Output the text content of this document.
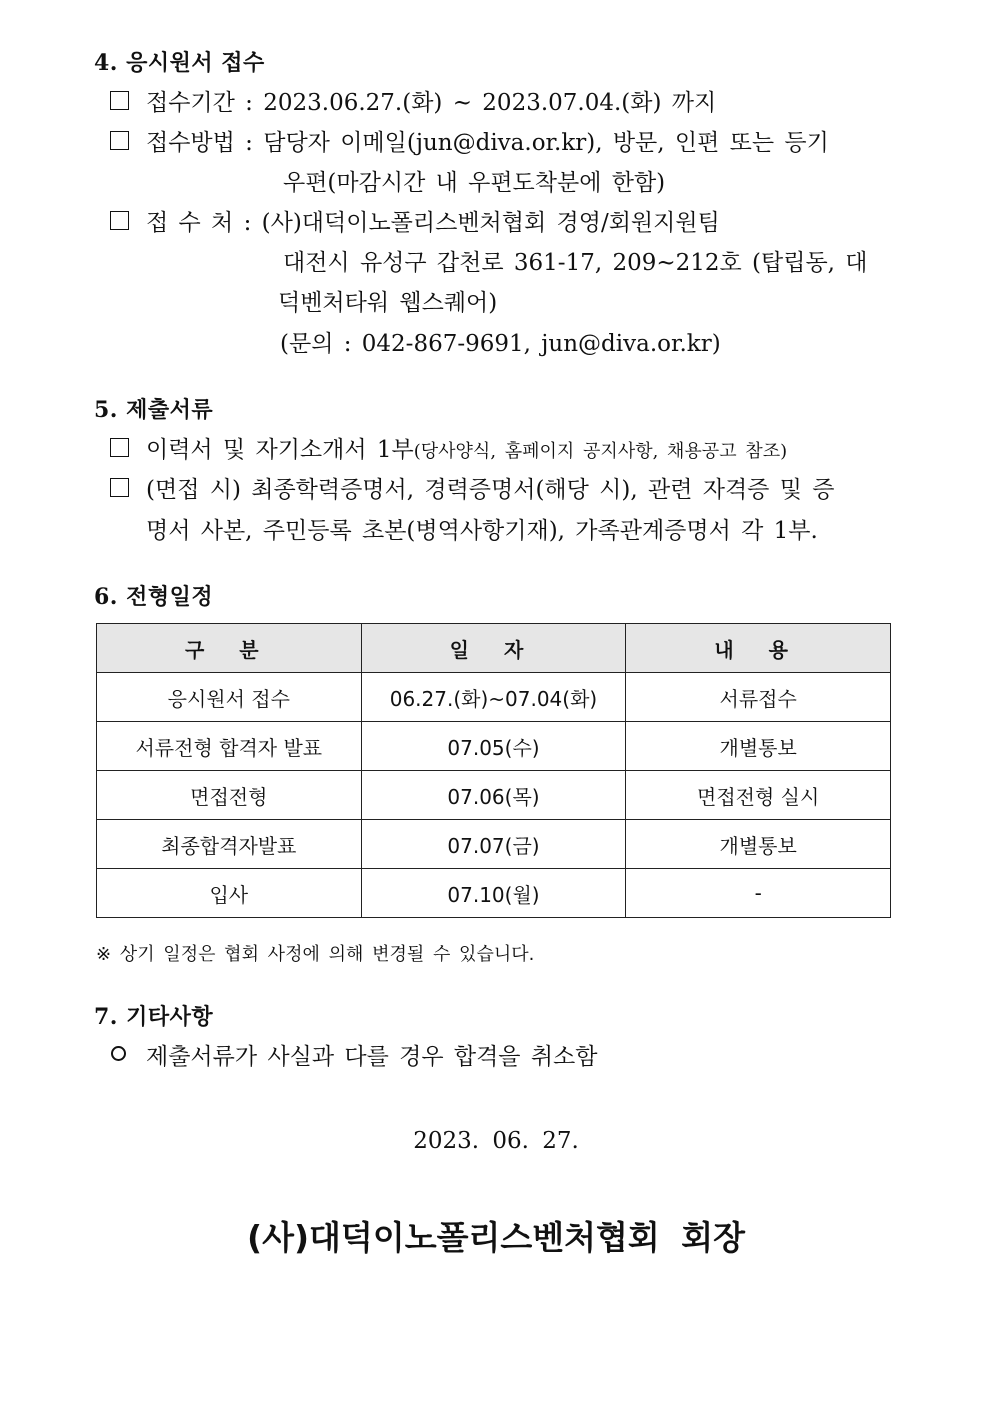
4. 응시원서 접수
접수기간 : 2023.06.27.(화) ~ 2023.07.04.(화) 까지
접수방법 : 담당자 이메일(jun@diva.or.kr), 방문, 인편 또는 등기
우편(마감시간 내 우편도착분에 한함)
접 수 처 : (사)대덕이노폴리스벤처협회 경영/회원지원팀
대전시 유성구 갑천로 361-17, 209~212호 (탑립동, 대
덕벤처타워 웹스퀘어)
(문의 : 042-867-9691, jun@diva.or.kr)
5. 제출서류
이력서 및 자기소개서 1부(당사양식, 홈페이지 공지사항, 채용공고 참조)
(면접 시) 최종학력증명서, 경력증명서(해당 시), 관련 자격증 및 증
명서 사본, 주민등록 초본(병역사항기재), 가족관계증명서 각 1부.
6. 전형일정
구 분	일 자	내 용
응시원서 접수	06.27.(화)~07.04(화)	서류접수
서류전형 합격자 발표	07.05(수)	개별통보
면접전형	07.06(목)	면접전형 실시
최종합격자발표	07.07(금)	개별통보
입사	07.10(월)	-
※ 상기 일정은 협회 사정에 의해 변경될 수 있습니다.
7. 기타사항
제출서류가 사실과 다를 경우 합격을 취소함
2023. 06. 27.
(사)대덕이노폴리스벤처협회 회장
